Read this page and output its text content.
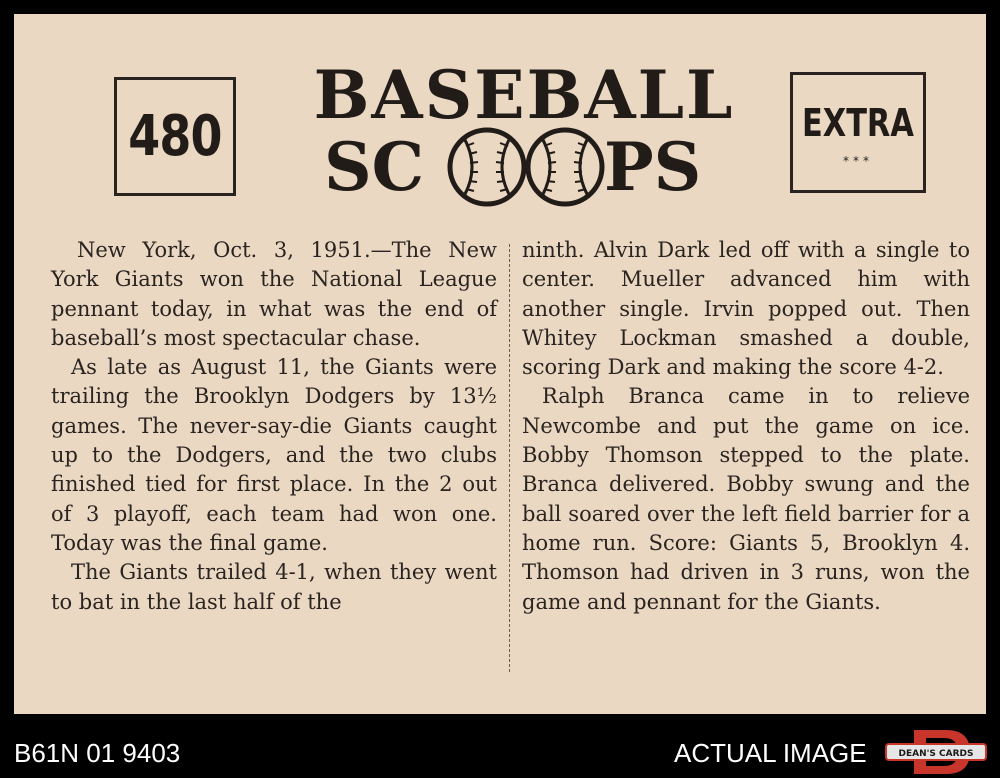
480
BASEBALL
SC	PS
EXTRA
***

New York, Oct. 3, 1951.—The New York Giants won the National League pennant today, in what was the end of baseball’s most spectacular chase.

As late as August 11, the Giants were trailing the Brooklyn Dodgers by 13½ games. The never-say-die Giants caught up to the Dodgers, and the two clubs finished tied for first place. In the 2 out of 3 playoff, each team had won one. Today was the final game.

The Giants trailed 4-1, when they went to bat in the last half of the

ninth. Alvin Dark led off with a single to center. Mueller advanced him with another single. Irvin popped out. Then Whitey Lockman smashed a double, scoring Dark and making the score 4-2.

Ralph Branca came in to relieve Newcombe and put the game on ice. Bobby Thomson stepped to the plate. Branca delivered. Bobby swung and the ball soared over the left field barrier for a home run. Score: Giants 5, Brooklyn 4. Thomson had driven in 3 runs, won the game and pennant for the Giants.

B61N 01 9403	ACTUAL IMAGE	DEAN'S CARDS
